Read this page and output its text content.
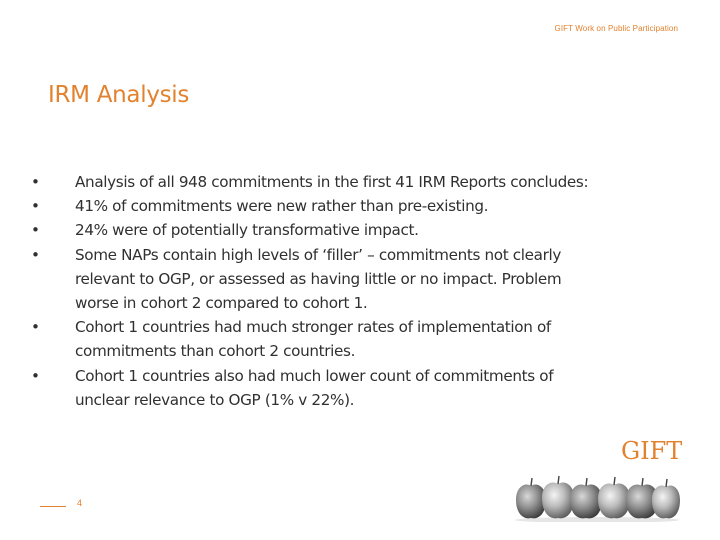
GIFT Work on Public Participation
IRM Analysis
• Analysis of all 948 commitments in the first 41 IRM Reports concludes:
• 41% of commitments were new rather than pre-existing.
• 24% were of potentially transformative impact.
• Some NAPs contain high levels of ‘filler’ – commitments not clearly relevant to OGP, or assessed as having little or no impact. Problem worse in cohort 2 compared to cohort 1.
• Cohort 1 countries had much stronger rates of implementation of commitments than cohort 2 countries.
• Cohort 1 countries also had much lower count of commitments of unclear relevance to OGP (1% v 22%).
GIFT
4
